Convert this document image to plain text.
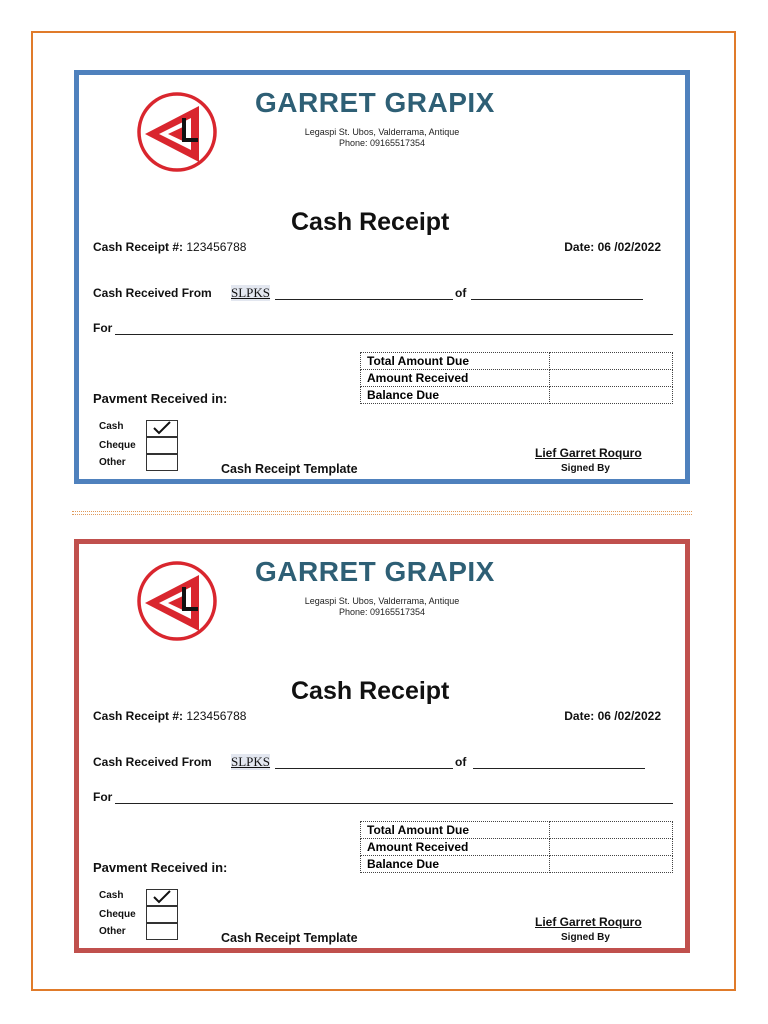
GARRET GRAPIX
Legaspi St. Ubos, Valderrama, Antique
Phone: 09165517354
Cash Receipt
Cash Receipt #: 123456788	Date: 06 /02/2022
Cash Received From SLPKS	of
For
Total Amount Due	
Amount Received	
Balance Due	
Pavment Received in:
Cash
Cheque
Other	Cash Receipt Template
Lief Garret Roquro
Signed By
GARRET GRAPIX
Legaspi St. Ubos, Valderrama, Antique
Phone: 09165517354
Cash Receipt
Cash Receipt #: 123456788	Date: 06 /02/2022
Cash Received From SLPKS	of
For
Total Amount Due	
Amount Received	
Balance Due	
Pavment Received in:
Cash
Cheque
Other	Cash Receipt Template
Lief Garret Roquro
Signed By
